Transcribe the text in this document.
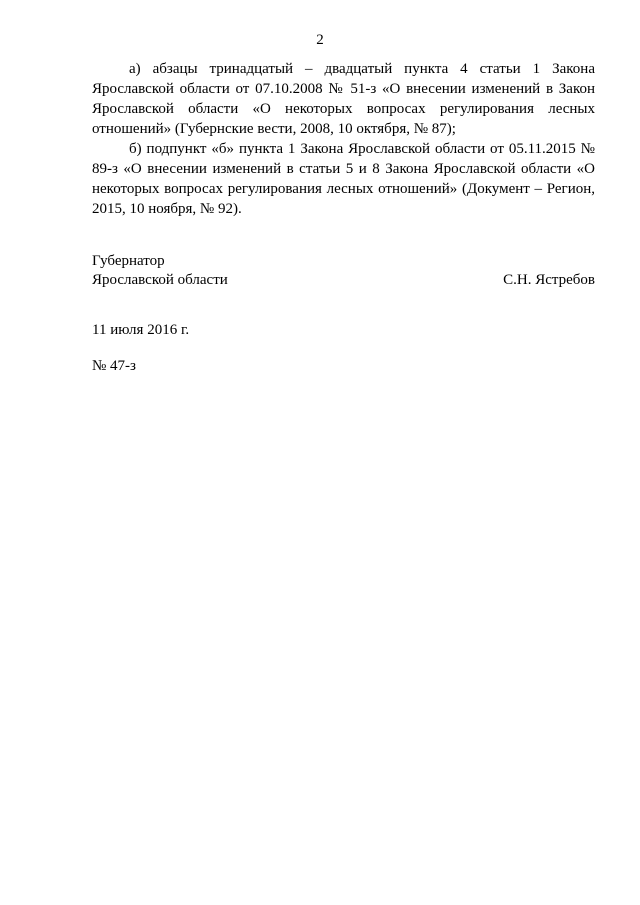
2

а) абзацы тринадцатый – двадцатый пункта 4 статьи 1 Закона Ярославской области от 07.10.2008 № 51-з «О внесении изменений в Закон Ярославской области «О некоторых вопросах регулирования лесных отношений» (Губернские вести, 2008, 10 октября, № 87);

б) подпункт «б» пункта 1 Закона Ярославской области от 05.11.2015 № 89-з «О внесении изменений в статьи 5 и 8 Закона Ярославской области «О некоторых вопросах регулирования лесных отношений» (Документ – Регион, 2015, 10 ноября, № 92).

Губернатор
Ярославской области	С.Н. Ястребов
11 июля 2016 г.
№ 47-з
